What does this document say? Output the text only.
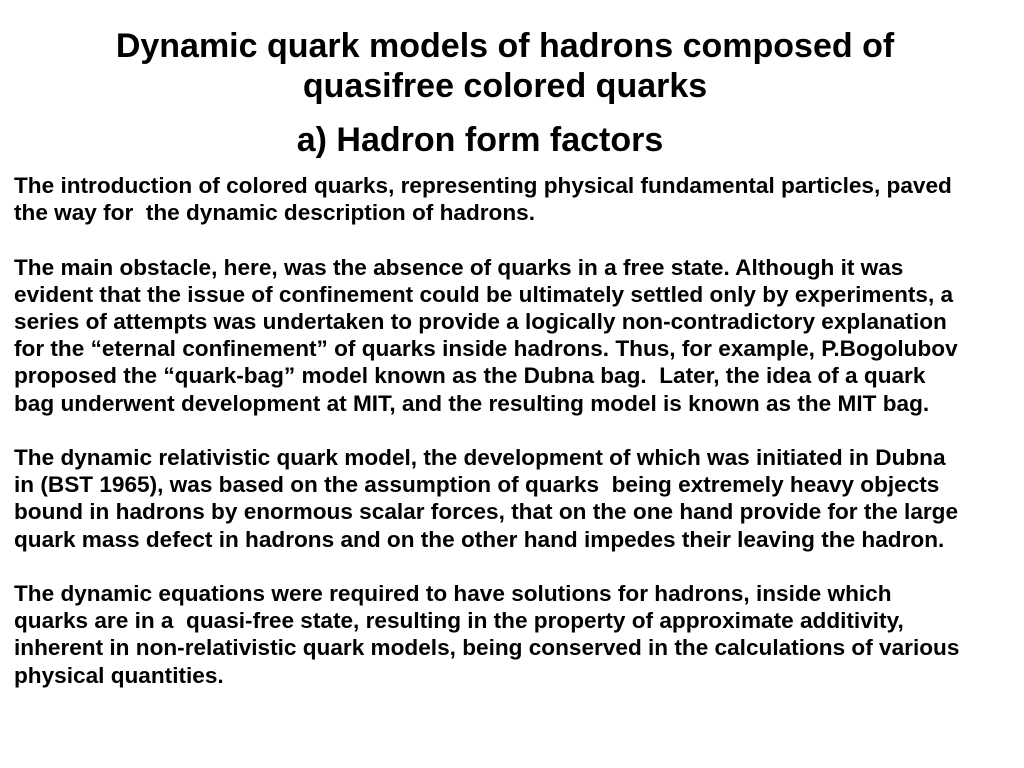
Dynamic quark models of hadrons composed of
quasifree colored quarks
a) Hadron form factors
The introduction of colored quarks, representing physical fundamental particles, paved
the way for  the dynamic description of hadrons.
The main obstacle, here, was the absence of quarks in a free state. Although it was
evident that the issue of confinement could be ultimately settled only by experiments, a
series of attempts was undertaken to provide a logically non-contradictory explanation
for the “eternal confinement” of quarks inside hadrons. Thus, for example, P.Bogolubov
proposed the “quark-bag” model known as the Dubna bag.  Later, the idea of a quark
bag underwent development at MIT, and the resulting model is known as the MIT bag.
The dynamic relativistic quark model, the development of which was initiated in Dubna
in (BST 1965), was based on the assumption of quarks  being extremely heavy objects
bound in hadrons by enormous scalar forces, that on the one hand provide for the large
quark mass defect in hadrons and on the other hand impedes their leaving the hadron.
The dynamic equations were required to have solutions for hadrons, inside which
quarks are in a  quasi-free state, resulting in the property of approximate additivity,
inherent in non-relativistic quark models, being conserved in the calculations of various
physical quantities.
